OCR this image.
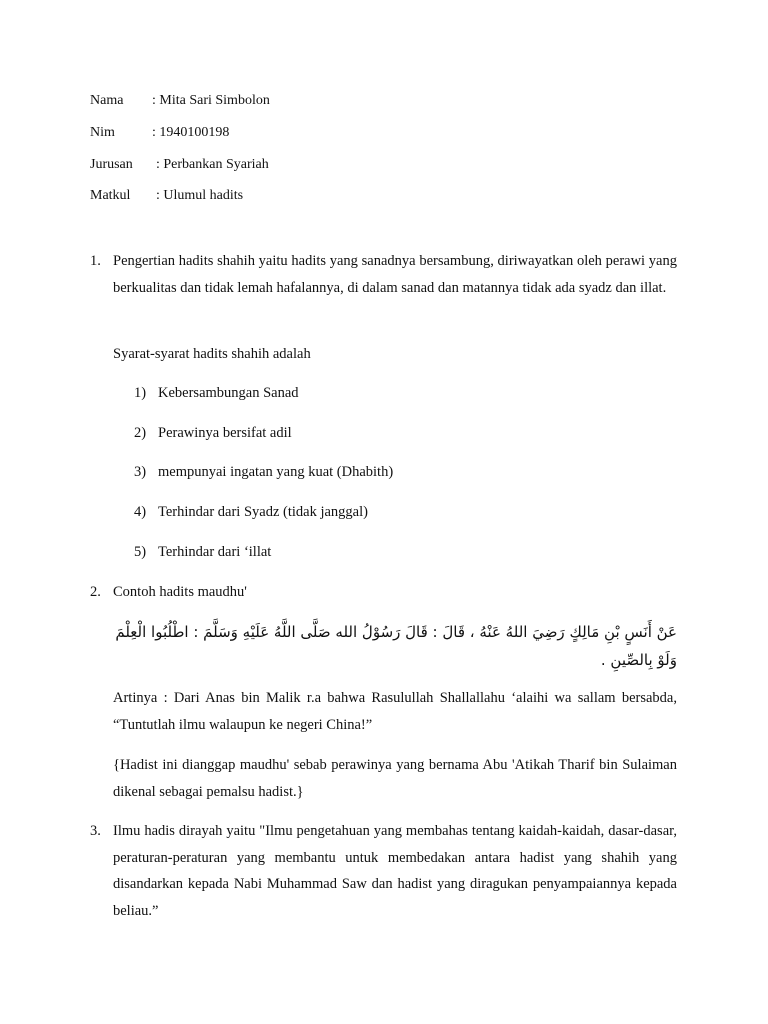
Nama : Mita Sari Simbolon
Nim	: 1940100198
Jurusan : Perbankan Syariah
Matkul : Ulumul hadits
1. Pengertian hadits shahih yaitu hadits yang sanadnya bersambung, diriwayatkan oleh perawi yang berkualitas dan tidak lemah hafalannya, di dalam sanad dan matannya tidak ada syadz dan illat.
Syarat-syarat hadits shahih adalah
1) Kebersambungan Sanad
2) Perawinya bersifat adil
3) mempunyai ingatan yang kuat (Dhabith)
4) Terhindar dari Syadz (tidak janggal)
5) Terhindar dari ‘illat
2. Contoh hadits maudhu'
عَنْ أَنَسٍ بْنِ مَالِكٍ رَضِيَ اللهُ عَنْهُ ، قَالَ : قَالَ رَسُوْلُ الله صَلَّى اللَّهُ عَلَيْهِ وَسَلَّمَ : اطْلُبُوا الْعِلْمَ وَلَوْ بِالصِّينِ .
Artinya : Dari Anas bin Malik r.a bahwa Rasulullah Shallallahu ‘alaihi wa sallam bersabda, “Tuntutlah ilmu walaupun ke negeri China!”
{Hadist ini dianggap maudhu' sebab perawinya yang bernama Abu 'Atikah Tharif bin Sulaiman dikenal sebagai pemalsu hadist.}
3. Ilmu hadis dirayah yaitu "Ilmu pengetahuan yang membahas tentang kaidah-kaidah, dasar-dasar, peraturan-peraturan yang membantu untuk membedakan antara hadist yang shahih yang disandarkan kepada Nabi Muhammad Saw dan hadist yang diragukan penyampaiannya kepada beliau.”
